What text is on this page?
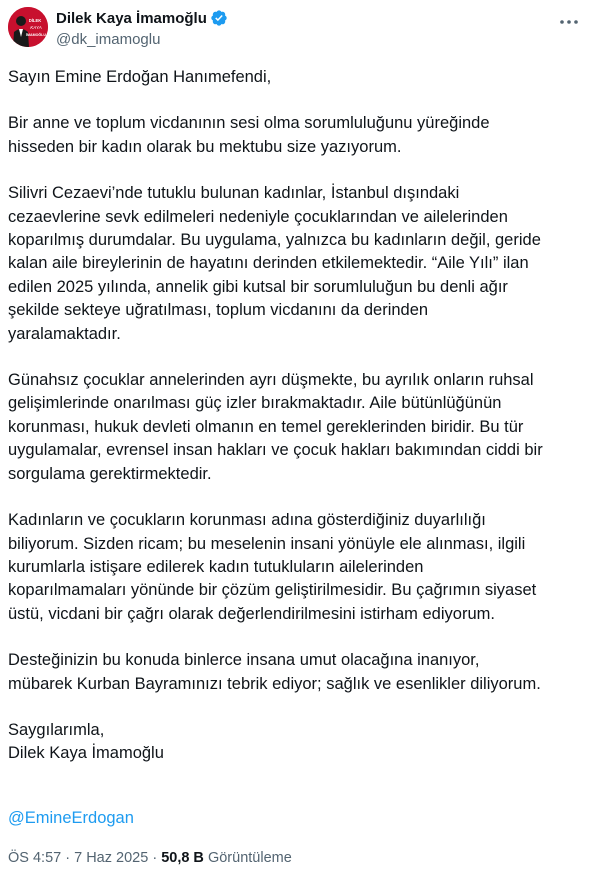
DİLEK
KAYA
İMAMOĞLU
Dilek Kaya İmamoğlu
@dk_imamoglu

Sayın Emine Erdoğan Hanımefendi,

Bir anne ve toplum vicdanının sesi olma sorumluluğunu yüreğinde
hisseden bir kadın olarak bu mektubu size yazıyorum.

Silivri Cezaevi’nde tutuklu bulunan kadınlar, İstanbul dışındaki
cezaevlerine sevk edilmeleri nedeniyle çocuklarından ve ailelerinden
koparılmış durumdalar. Bu uygulama, yalnızca bu kadınların değil, geride
kalan aile bireylerinin de hayatını derinden etkilemektedir. “Aile Yılı” ilan
edilen 2025 yılında, annelik gibi kutsal bir sorumluluğun bu denli ağır
şekilde sekteye uğratılması, toplum vicdanını da derinden
yaralamaktadır.

Günahsız çocuklar annelerinden ayrı düşmekte, bu ayrılık onların ruhsal
gelişimlerinde onarılması güç izler bırakmaktadır. Aile bütünlüğünün
korunması, hukuk devleti olmanın en temel gereklerinden biridir. Bu tür
uygulamalar, evrensel insan hakları ve çocuk hakları bakımından ciddi bir
sorgulama gerektirmektedir.

Kadınların ve çocukların korunması adına gösterdiğiniz duyarlılığı
biliyorum. Sizden ricam; bu meselenin insani yönüyle ele alınması, ilgili
kurumlarla istişare edilerek kadın tutukluların ailelerinden
koparılmamaları yönünde bir çözüm geliştirilmesidir. Bu çağrımın siyaset
üstü, vicdani bir çağrı olarak değerlendirilmesini istirham ediyorum.

Desteğinizin bu konuda binlerce insana umut olacağına inanıyor,
mübarek Kurban Bayramınızı tebrik ediyor; sağlık ve esenlikler diliyorum.

Saygılarımla,
Dilek Kaya İmamoğlu

@EmineErdogan
ÖS 4:57 · 7 Haz 2025 · 50,8 B Görüntüleme
